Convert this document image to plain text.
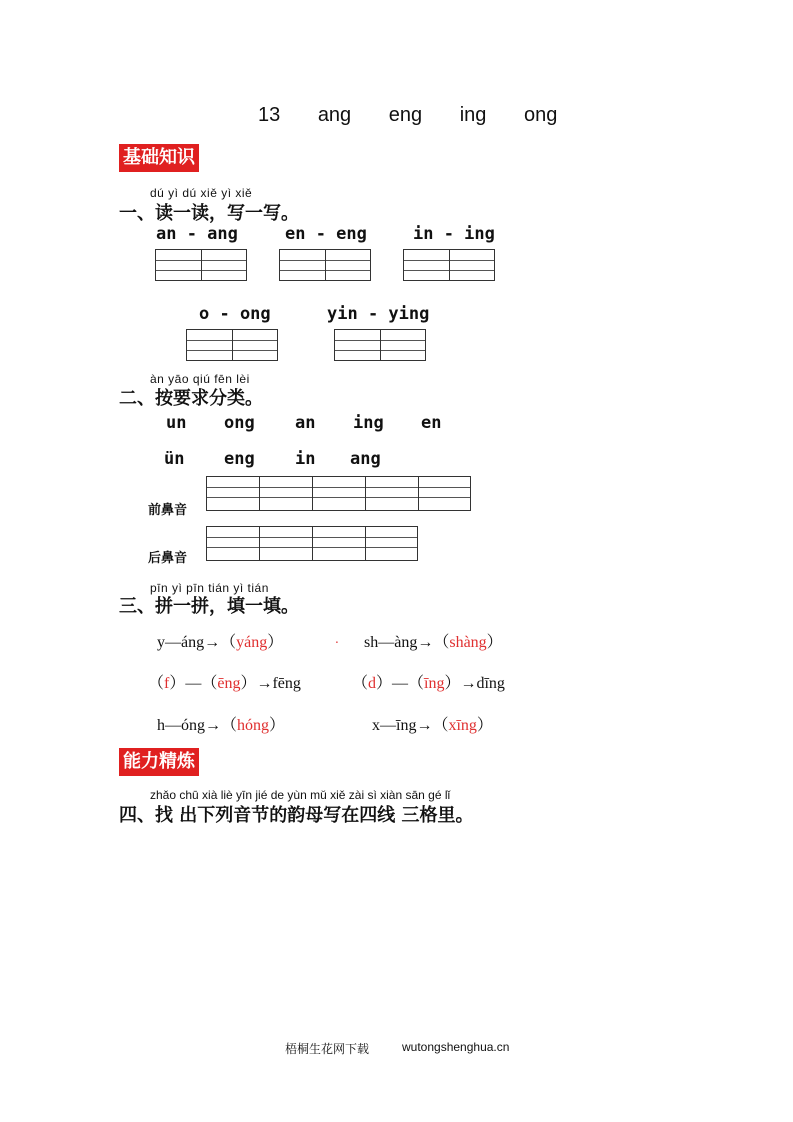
13 ang eng ing ong
基础知识
dú yì dú xiě yì xiě
一、读一读，写一写。
an - ang	en - eng	in - ing
o - ong	yin - ying
àn yāo qiú fēn lèi
二、按要求分类。
un ong an ing en
ün eng in ang
前鼻音
后鼻音
pīn yì pīn tián yì tián
三、拼一拼，填一填。
y—áng→（yáng）	. sh—àng→（shàng）
（f）—（ēng）→fēng	（d）—（īng）→dīng
h—óng→（hóng）	x—īng→（xīng）
能力精炼
zhǎo chū xià liè yīn jié de yùn mǔ xiě zài sì xiàn sān gé lǐ
四、找 出下列音节的韵母写在四线 三格里。
梧桐生花网下载	wutongshenghua.cn
